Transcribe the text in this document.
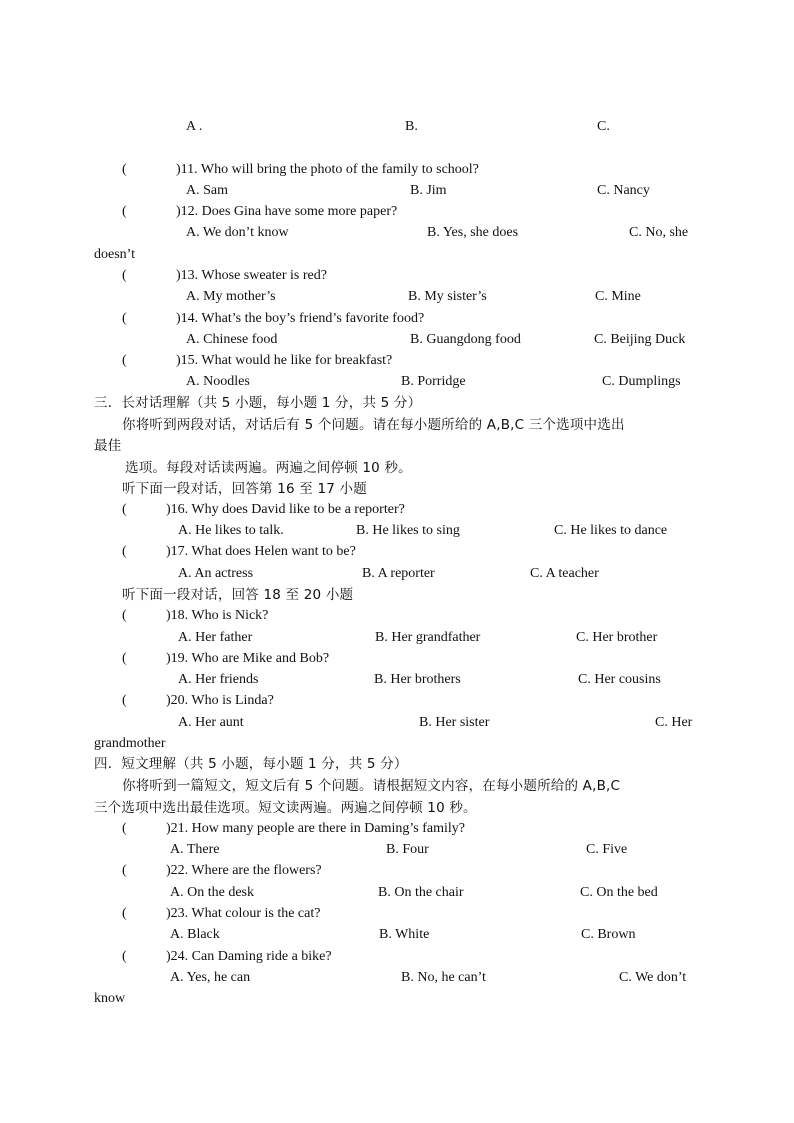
A .	B.	C.
(	)11. Who will bring the photo of the family to school?
A. Sam	B. Jim	C. Nancy
(	)12. Does Gina have some more paper?
A. We don’t know	B. Yes, she does	C. No, she
doesn’t
(	)13. Whose sweater is red?
A. My mother’s	B. My sister’s	C. Mine
(	)14. What’s the boy’s friend’s favorite food?
A. Chinese food	B. Guangdong food	C. Beijing Duck
(	)15. What would he like for breakfast?
A. Noodles	B. Porridge	C. Dumplings
三．长对话理解（共 5 小题，每小题 1 分，共 5 分）
你将听到两段对话，对话后有 5 个问题。请在每小题所给的 A,B,C 三个选项中选出
最佳
选项。每段对话读两遍。两遍之间停顿 10 秒。
听下面一段对话，回答第 16 至 17 小题
(	)16. Why does David like to be a reporter?
A. He likes to talk.	B. He likes to sing	C. He likes to dance
(	)17. What does Helen want to be?
A. An actress	B. A reporter	C. A teacher
听下面一段对话，回答 18 至 20 小题
(	)18. Who is Nick?
A. Her father	B. Her grandfather	C. Her brother
(	)19. Who are Mike and Bob?
A. Her friends	B. Her brothers	C. Her cousins
(	)20. Who is Linda?
A. Her aunt	B. Her sister	C. Her
grandmother
四．短文理解（共 5 小题，每小题 1 分，共 5 分）
你将听到一篇短文，短文后有 5 个问题。请根据短文内容，在每小题所给的 A,B,C
三个选项中选出最佳选项。短文读两遍。两遍之间停顿 10 秒。
(	)21. How many people are there in Daming’s family?
A. There	B. Four	C. Five
(	)22. Where are the flowers?
A. On the desk	B. On the chair	C. On the bed
(	)23. What colour is the cat?
A. Black	B. White	C. Brown
(	)24. Can Daming ride a bike?
A. Yes, he can	B. No, he can’t	C. We don’t
know
